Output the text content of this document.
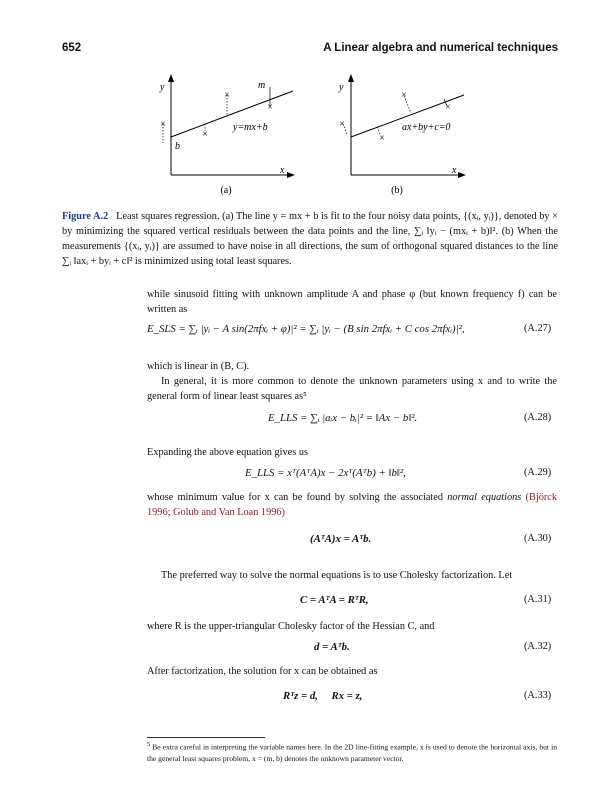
652	A Linear algebra and numerical techniques
y
x
m
b
y=mx+b
×
×
×
×
(a)
y
x
ax+by+c=0
×
×
×
×
(b)
Figure A.2 Least squares regression. (a) The line y = mx + b is fit to the four noisy data points, {(xᵢ, yᵢ)}, denoted by × by minimizing the squared vertical residuals between the data points and the line, ∑ᵢ ‖yᵢ − (mxᵢ + b)‖². (b) When the measurements {(xᵢ, yᵢ)} are assumed to have noise in all directions, the sum of orthogonal squared distances to the line ∑ᵢ ‖axᵢ + byᵢ + c‖² is minimized using total least squares.
while sinusoid fitting with unknown amplitude A and phase φ (but known frequency f) can be written as
E_SLS = ∑ᵢ |yᵢ − A sin(2πfxᵢ + φ)|² = ∑ᵢ |yᵢ − (B sin 2πfxᵢ + C cos 2πfxᵢ)|²,	(A.27)
which is linear in (B, C).
In general, it is more common to denote the unknown parameters using x and to write the general form of linear least squares as⁵
E_LLS = ∑ᵢ |aᵢx − bᵢ|² = ‖Ax − b‖².	(A.28)
Expanding the above equation gives us
E_LLS = xᵀ(AᵀA)x − 2xᵀ(Aᵀb) + ‖b‖²,	(A.29)
whose minimum value for x can be found by solving the associated normal equations (Björck 1996; Golub and Van Loan 1996)
(AᵀA)x = Aᵀb.	(A.30)
The preferred way to solve the normal equations is to use Cholesky factorization. Let
C = AᵀA = RᵀR,	(A.31)
where R is the upper-triangular Cholesky factor of the Hessian C, and
d = Aᵀb.	(A.32)
After factorization, the solution for x can be obtained as
Rᵀz = d,     Rx = z,	(A.33)
$^5$ Be extra careful in interpreting the variable names here. In the 2D line-fitting example, x is used to denote the horizontal axis, but in the general least squares problem, x = (m, b) denotes the unknown parameter vector.
